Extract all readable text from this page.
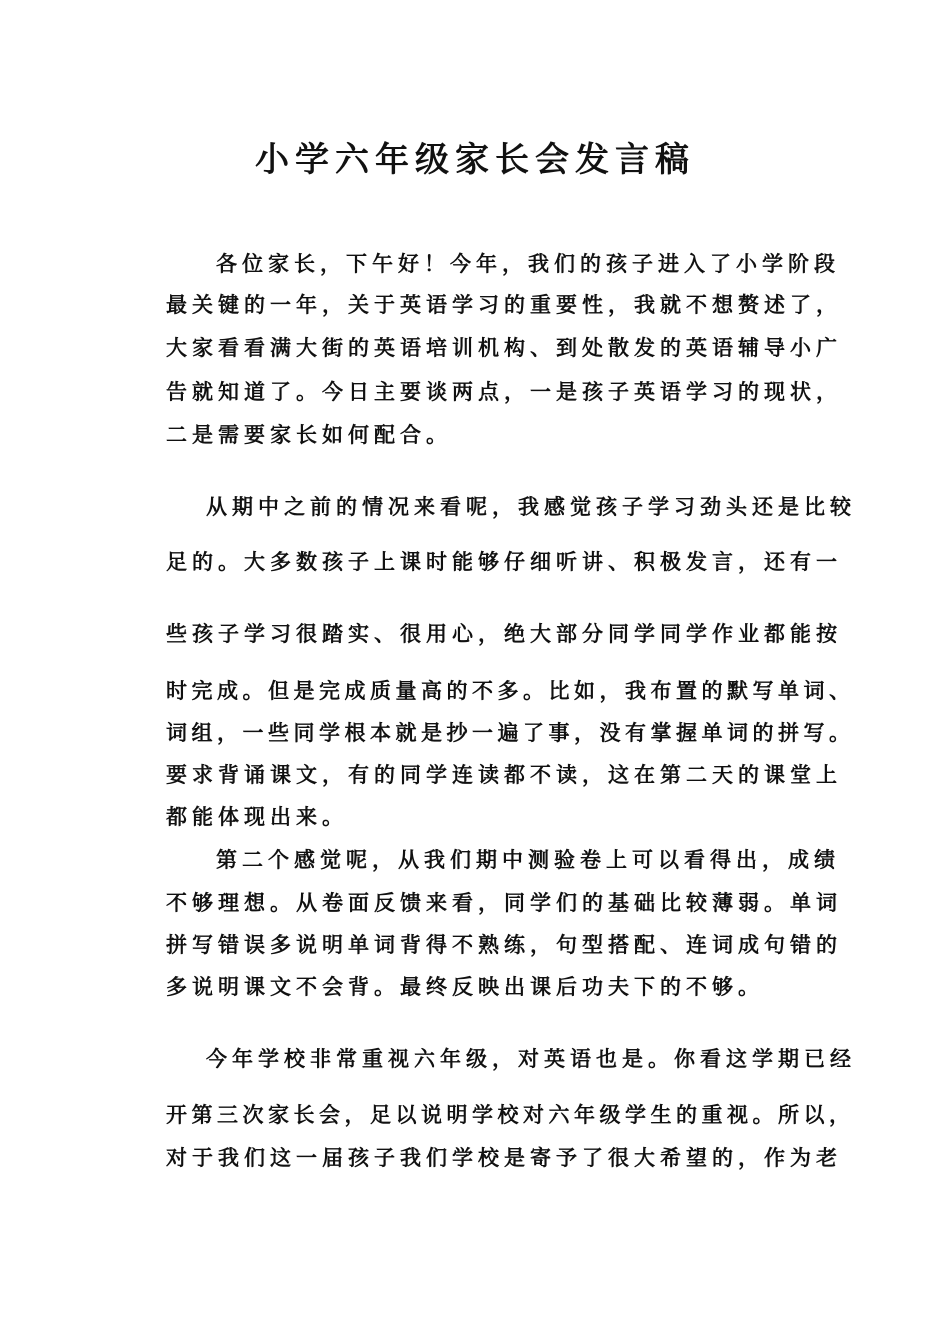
小学六年级家长会发言稿
各位家长，下午好！今年，我们的孩子进入了小学阶段
最关键的一年，关于英语学习的重要性，我就不想赘述了，
大家看看满大街的英语培训机构、到处散发的英语辅导小广
告就知道了。今日主要谈两点，一是孩子英语学习的现状，
二是需要家长如何配合。
从期中之前的情况来看呢，我感觉孩子学习劲头还是比较
足的。大多数孩子上课时能够仔细听讲、积极发言，还有一
些孩子学习很踏实、很用心，绝大部分同学同学作业都能按
时完成。但是完成质量高的不多。比如，我布置的默写单词、
词组，一些同学根本就是抄一遍了事，没有掌握单词的拼写。
要求背诵课文，有的同学连读都不读，这在第二天的课堂上
都能体现出来。
第二个感觉呢，从我们期中测验卷上可以看得出，成绩
不够理想。从卷面反馈来看，同学们的基础比较薄弱。单词
拼写错误多说明单词背得不熟练，句型搭配、连词成句错的
多说明课文不会背。最终反映出课后功夫下的不够。
今年学校非常重视六年级，对英语也是。你看这学期已经
开第三次家长会，足以说明学校对六年级学生的重视。所以，
对于我们这一届孩子我们学校是寄予了很大希望的，作为老
